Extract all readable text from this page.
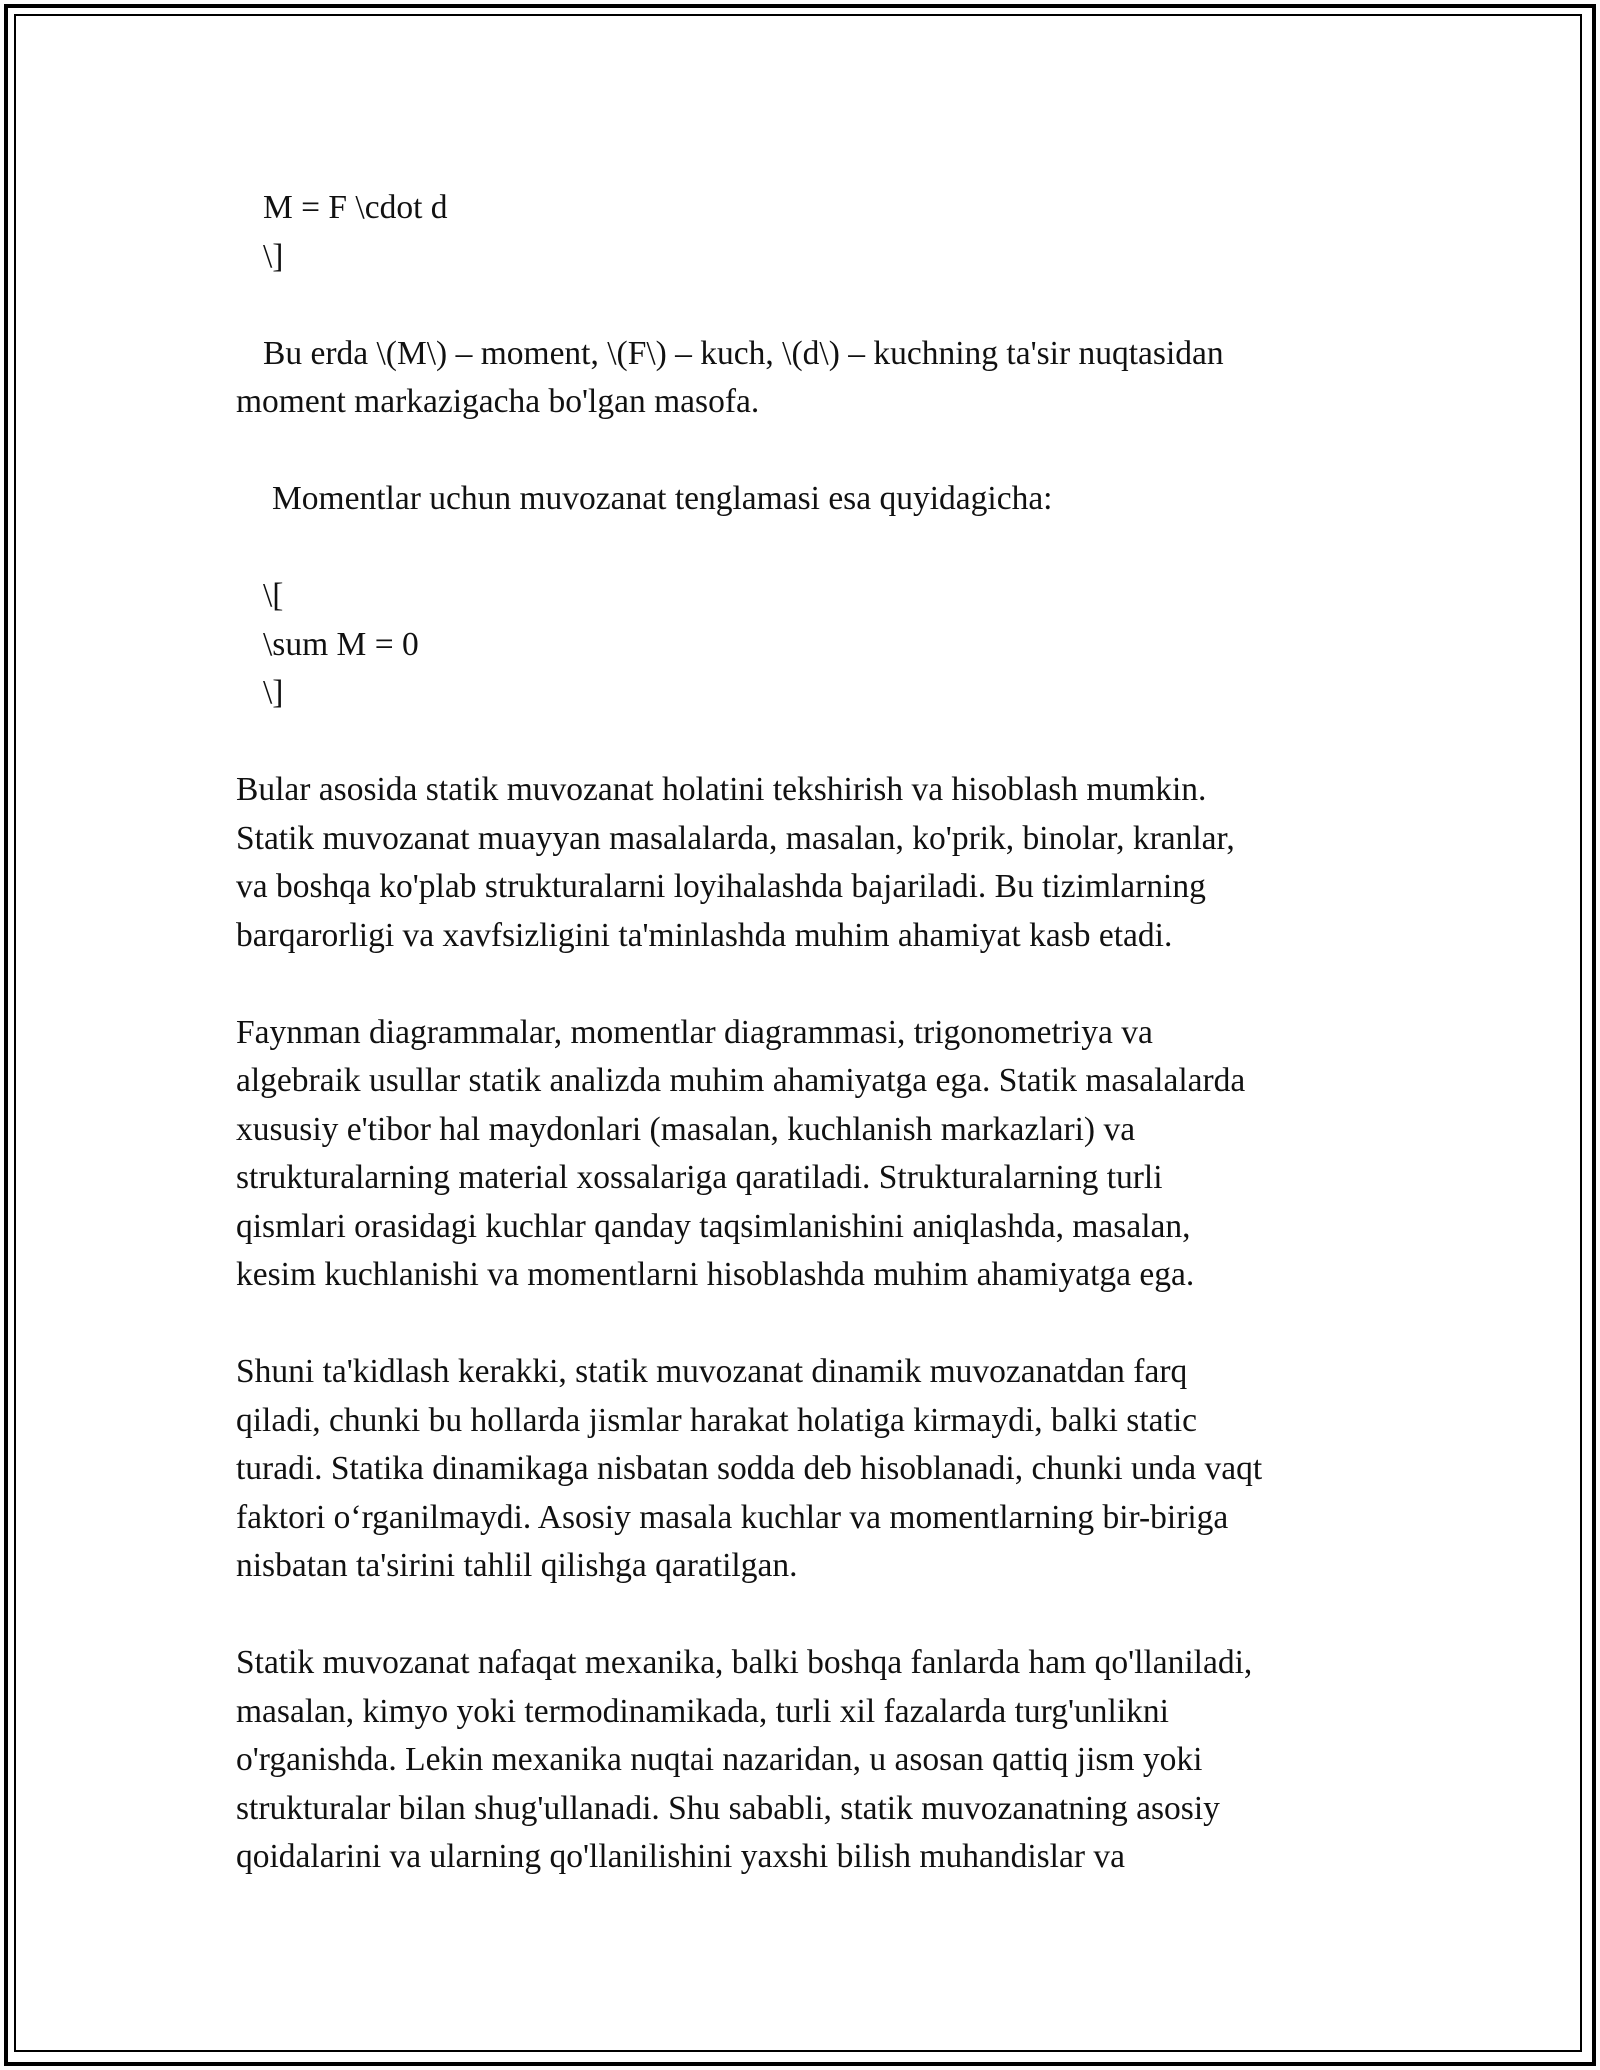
M = F \cdot d
\]
Bu erda \(M\) – moment, \(F\) – kuch, \(d\) – kuchning ta'sir nuqtasidan
moment markazigacha bo'lgan masofa.
Momentlar uchun muvozanat tenglamasi esa quyidagicha:
\[
\sum M = 0
\]
Bular asosida statik muvozanat holatini tekshirish va hisoblash mumkin.
Statik muvozanat muayyan masalalarda, masalan, ko'prik, binolar, kranlar,
va boshqa ko'plab strukturalarni loyihalashda bajariladi. Bu tizimlarning
barqarorligi va xavfsizligini ta'minlashda muhim ahamiyat kasb etadi.
Faynman diagrammalar, momentlar diagrammasi, trigonometriya va
algebraik usullar statik analizda muhim ahamiyatga ega. Statik masalalarda
xususiy e'tibor hal maydonlari (masalan, kuchlanish markazlari) va
strukturalarning material xossalariga qaratiladi. Strukturalarning turli
qismlari orasidagi kuchlar qanday taqsimlanishini aniqlashda, masalan,
kesim kuchlanishi va momentlarni hisoblashda muhim ahamiyatga ega.
Shuni ta'kidlash kerakki, statik muvozanat dinamik muvozanatdan farq
qiladi, chunki bu hollarda jismlar harakat holatiga kirmaydi, balki static
turadi. Statika dinamikaga nisbatan sodda deb hisoblanadi, chunki unda vaqt
faktori oʻrganilmaydi. Asosiy masala kuchlar va momentlarning bir-biriga
nisbatan ta'sirini tahlil qilishga qaratilgan.
Statik muvozanat nafaqat mexanika, balki boshqa fanlarda ham qo'llaniladi,
masalan, kimyo yoki termodinamikada, turli xil fazalarda turg'unlikni
o'rganishda. Lekin mexanika nuqtai nazaridan, u asosan qattiq jism yoki
strukturalar bilan shug'ullanadi. Shu sababli, statik muvozanatning asosiy
qoidalarini va ularning qo'llanilishini yaxshi bilish muhandislar va
